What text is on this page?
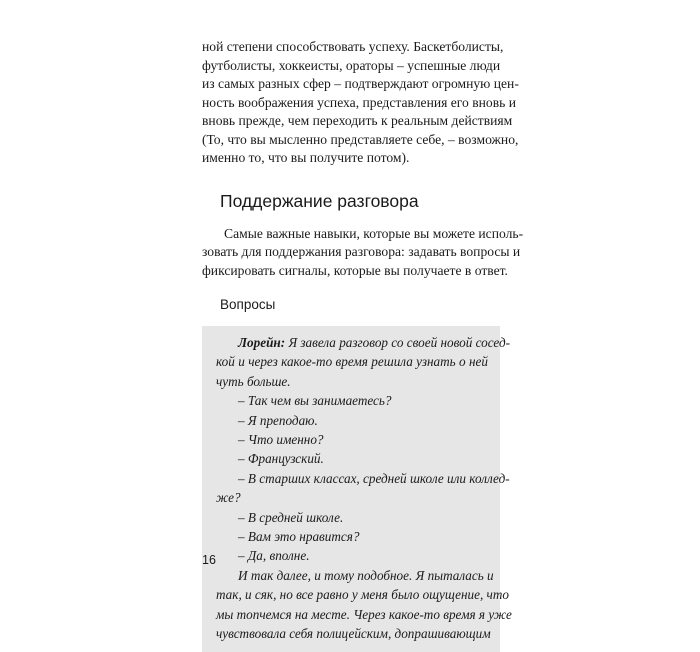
ной степени способствовать успеху. Баскетболисты,
футболисты, хоккеисты, ораторы – успешные люди
из самых разных сфер – подтверждают огромную цен-
ность воображения успеха, представления его вновь и
вновь прежде, чем переходить к реальным действиям
(То, что вы мысленно представляете себе, – возможно,
именно то, что вы получите потом).
Поддержание разговора
Самые важные навыки, которые вы можете исполь-
зовать для поддержания разговора: задавать вопросы и
фиксировать сигналы, которые вы получаете в ответ.
Вопросы
Лорейн: Я завела разговор со своей новой сосед-
кой и через какое-то время решила узнать о ней
чуть больше.
– Так чем вы занимаетесь?
– Я преподаю.
– Что именно?
– Французский.
– В старших классах, средней школе или коллед-
же?
– В средней школе.
– Вам это нравится?
– Да, вполне.
И так далее, и тому подобное. Я пыталась и
так, и сяк, но все равно у меня было ощущение, что
мы топчемся на месте. Через какое-то время я уже
чувствовала себя полицейским, допрашивающим
16
